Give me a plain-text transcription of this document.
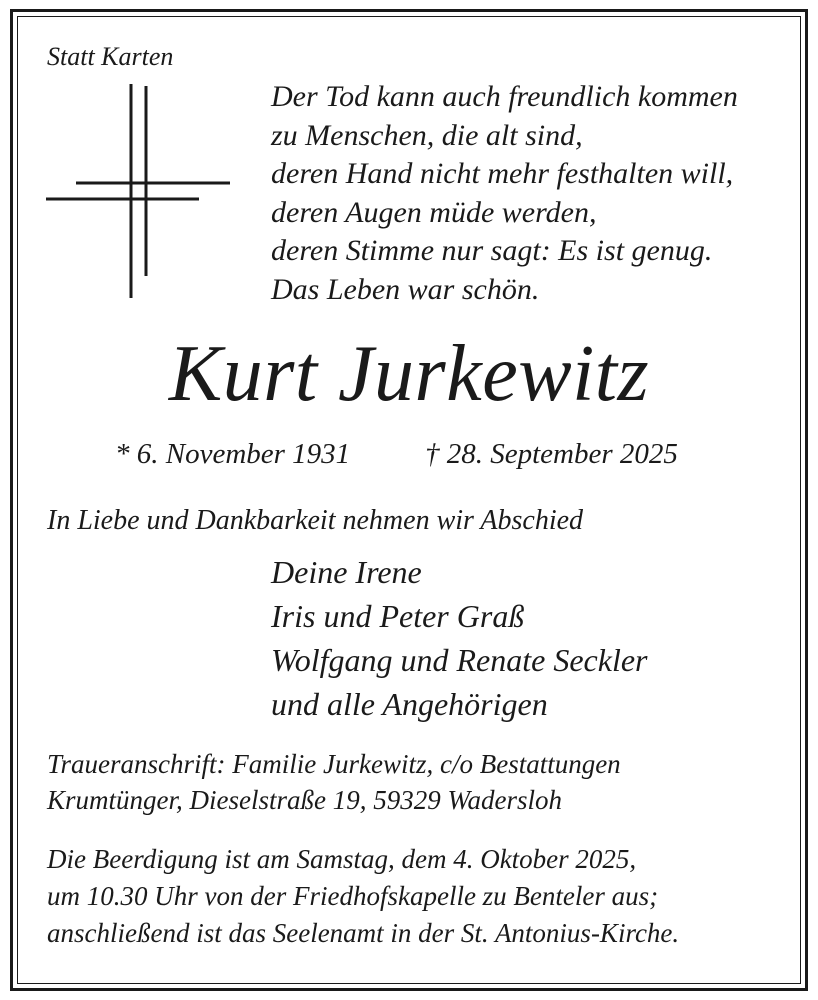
Statt Karten
Der Tod kann auch freundlich kommen
zu Menschen, die alt sind,
deren Hand nicht mehr festhalten will,
deren Augen müde werden,
deren Stimme nur sagt: Es ist genug.
Das Leben war schön.
Kurt Jurkewitz
* 6. November 1931	† 28. September 2025
In Liebe und Dankbarkeit nehmen wir Abschied
Deine Irene
Iris und Peter Graß
Wolfgang und Renate Seckler
und alle Angehörigen
Traueranschrift: Familie Jurkewitz, c/o Bestattungen
Krumtünger, Dieselstraße 19, 59329 Wadersloh
Die Beerdigung ist am Samstag, dem 4. Oktober 2025,
um 10.30 Uhr von der Friedhofskapelle zu Benteler aus;
anschließend ist das Seelenamt in der St. Antonius-Kirche.
